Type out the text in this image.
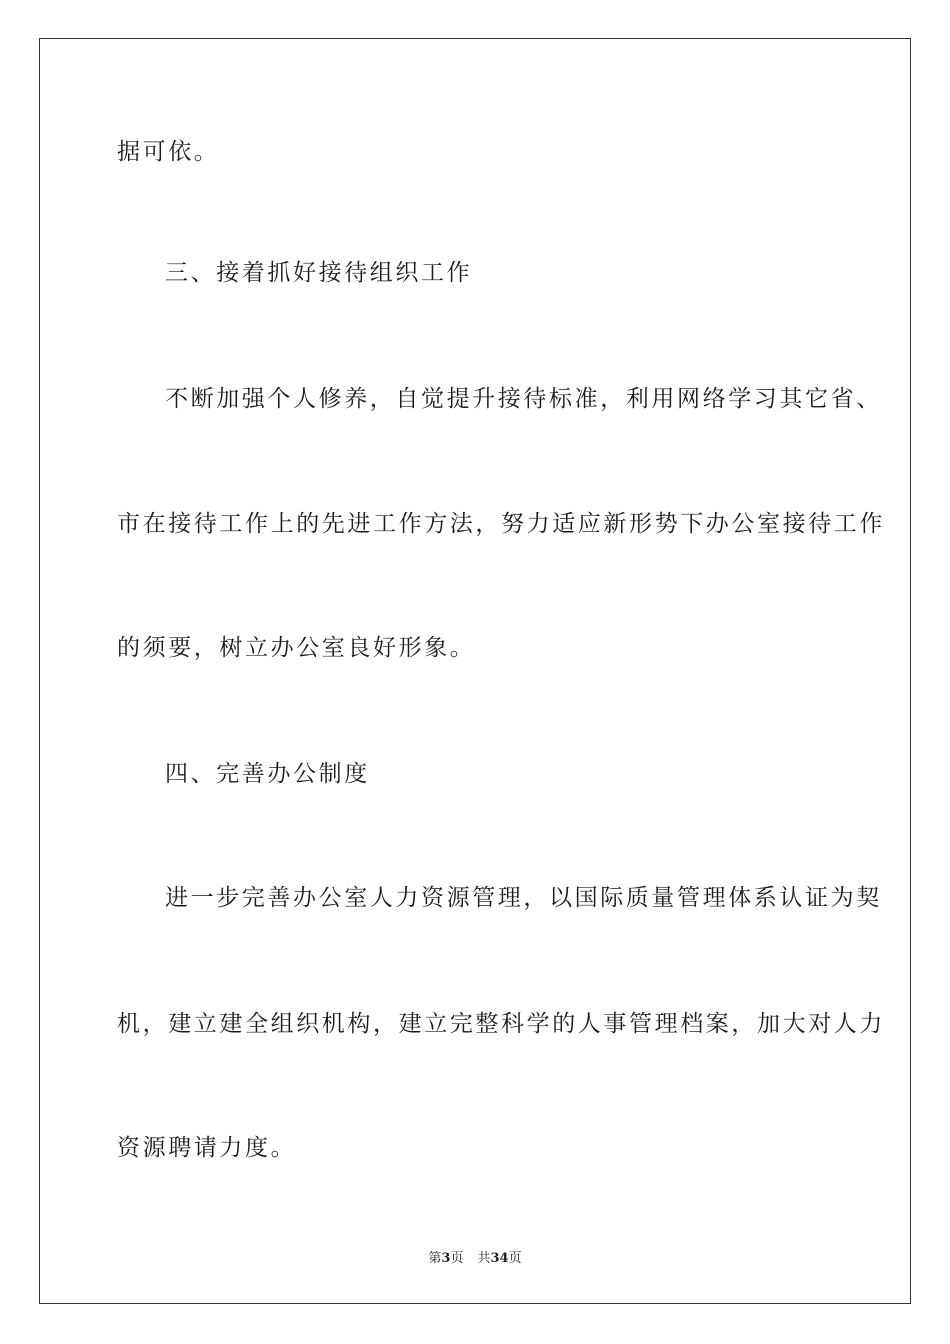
据可依。
三、接着抓好接待组织工作
不断加强个人修养，自觉提升接待标准，利用网络学习其它省、
市在接待工作上的先进工作方法，努力适应新形势下办公室接待工作
的须要，树立办公室良好形象。
四、完善办公制度
进一步完善办公室人力资源管理，以国际质量管理体系认证为契
机，建立建全组织机构，建立完整科学的人事管理档案，加大对人力
资源聘请力度。
第3页 共34页
